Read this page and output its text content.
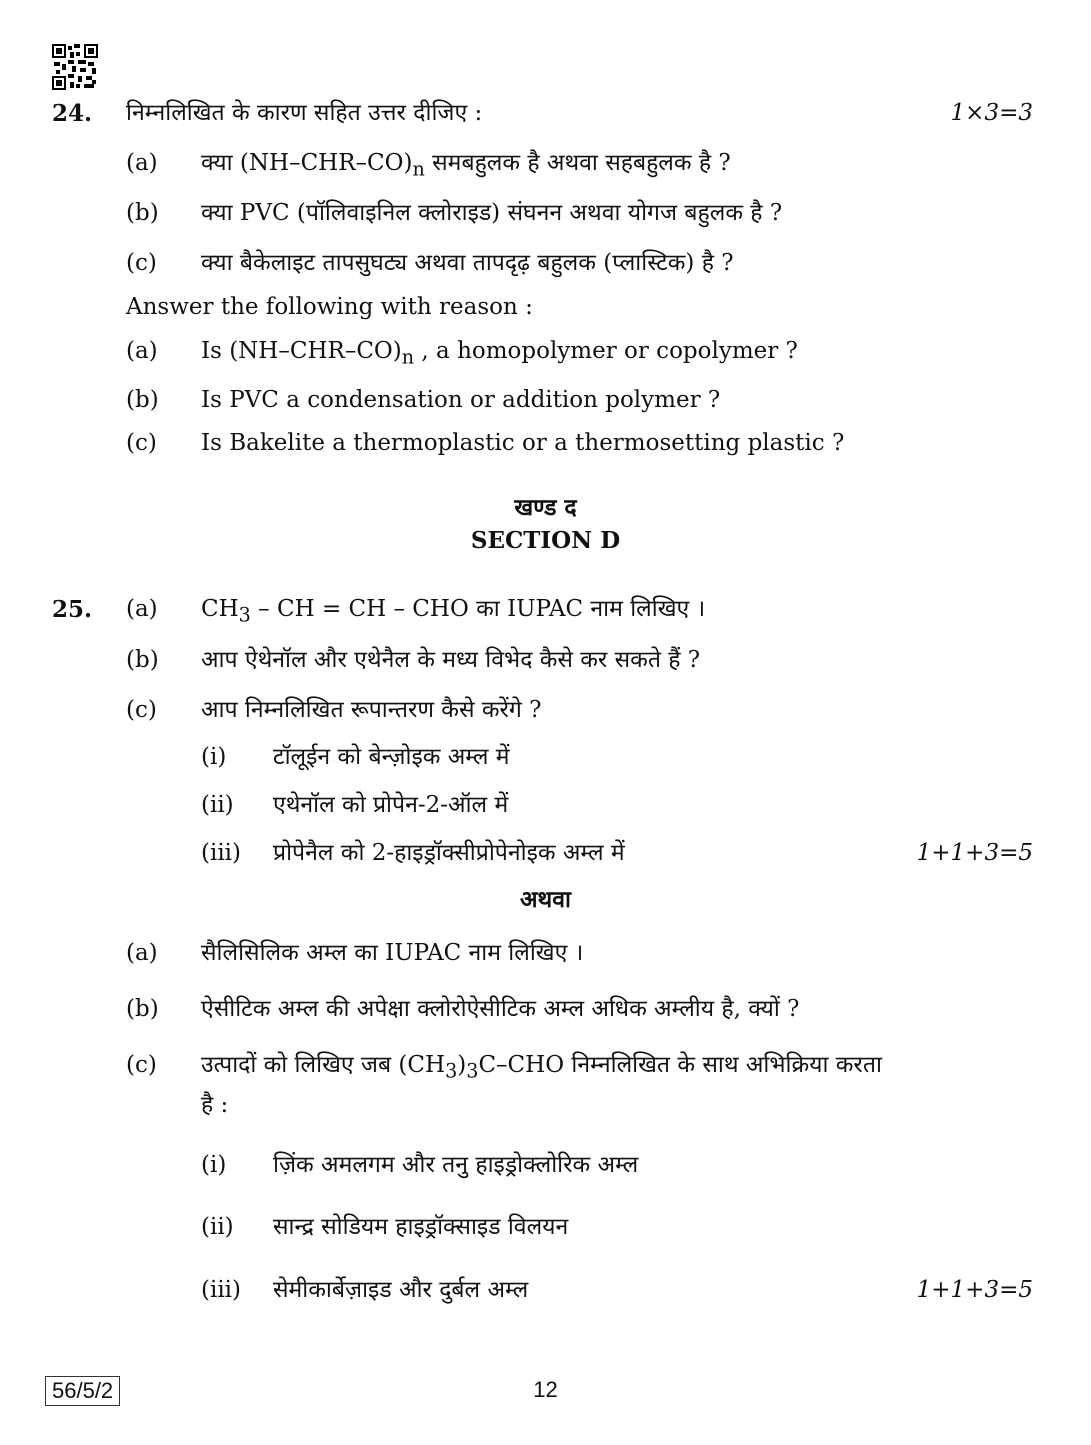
24. निम्नलिखित के कारण सहित उत्तर दीजिए :	1×3=3
(a) क्या $(NH-CHR-CO)_n$ समबहुलक है अथवा सहबहुलक है ?
(b) क्या PVC (पॉलिवाइनिल क्लोराइड) संघनन अथवा योगज बहुलक है ?
(c) क्या बैकेलाइट तापसुघट्य अथवा तापदृढ़ बहुलक (प्लास्टिक) है ?
Answer the following with reason :
(a) Is $(NH-CHR-CO)_n$ , a homopolymer or copolymer ?
(b) Is PVC a condensation or addition polymer ?
(c) Is Bakelite a thermoplastic or a thermosetting plastic ?
खण्ड द
SECTION D
25. (a) $CH_3$ – CH = CH – CHO का IUPAC नाम लिखिए ।
(b) आप ऐथेनॉल और एथेनैल के मध्य विभेद कैसे कर सकते हैं ?
(c) आप निम्नलिखित रूपान्तरण कैसे करेंगे ?
(i) टॉलूईन को बेन्ज़ोइक अम्ल में
(ii) एथेनॉल को प्रोपेन-2-ऑल में
(iii) प्रोपेनैल को 2-हाइड्रॉक्सीप्रोपेनोइक अम्ल में	1+1+3=5
अथवा
(a) सैलिसिलिक अम्ल का IUPAC नाम लिखिए ।
(b) ऐसीटिक अम्ल की अपेक्षा क्लोरोऐसीटिक अम्ल अधिक अम्लीय है, क्यों ?
(c) उत्पादों को लिखिए जब $(CH_3)_3C$–CHO निम्नलिखित के साथ अभिक्रिया करता
है :
(i) ज़िंक अमलगम और तनु हाइड्रोक्लोरिक अम्ल
(ii) सान्द्र सोडियम हाइड्रॉक्साइड विलयन
(iii) सेमीकार्बेज़ाइड और दुर्बल अम्ल	1+1+3=5
56/5/2	12
